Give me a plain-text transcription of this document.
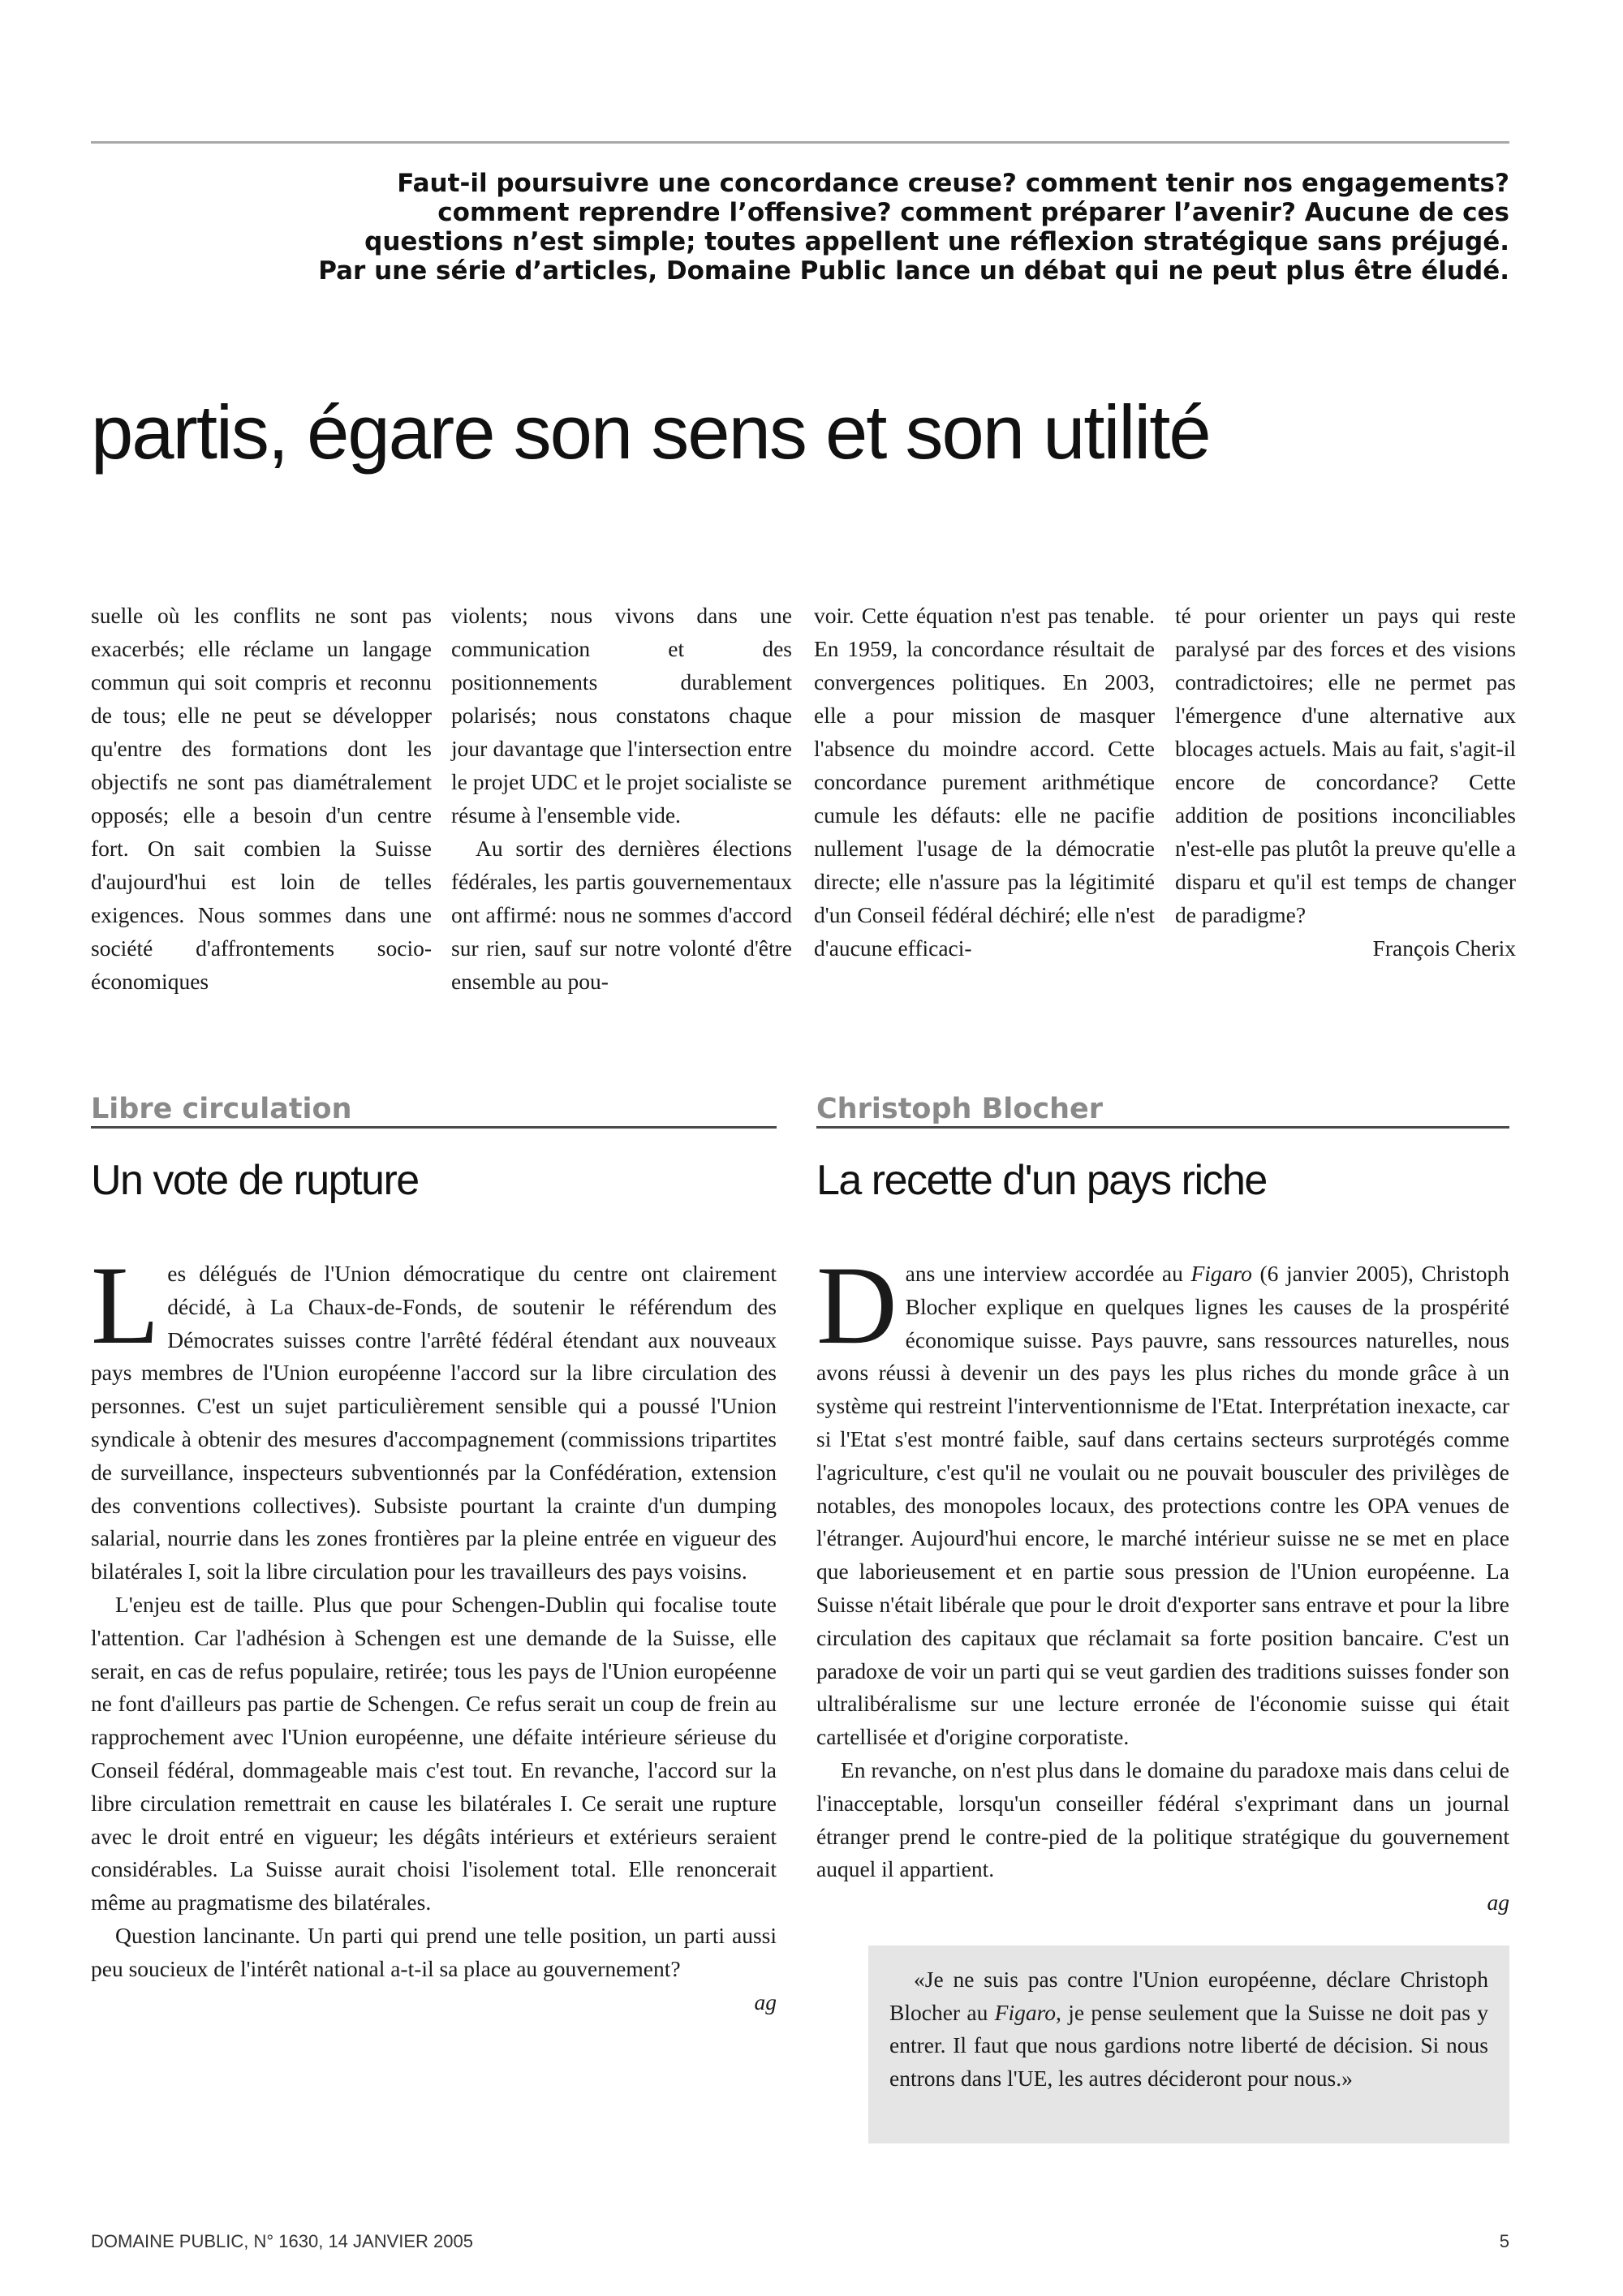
Faut-il poursuivre une concordance creuse? comment tenir nos engagements?
comment reprendre l’offensive? comment préparer l’avenir? Aucune de ces
questions n’est simple; toutes appellent une réflexion stratégique sans préjugé.
Par une série d’articles, Domaine Public lance un débat qui ne peut plus être éludé.
partis, égare son sens et son utilité

suelle où les conflits ne sont pas exacerbés; elle réclame un langage commun qui soit compris et reconnu de tous; elle ne peut se développer qu'entre des formations dont les objectifs ne sont pas diamétralement opposés; elle a besoin d'un centre fort. On sait combien la Suisse d'aujourd'hui est loin de telles exigences. Nous sommes dans une société d'affrontements socio-économiques

violents; nous vivons dans une communication et des positionnements durablement polarisés; nous constatons chaque jour davantage que l'intersection entre le projet UDC et le projet socialiste se résume à l'ensemble vide.

Au sortir des dernières élections fédérales, les partis gouvernementaux ont affirmé: nous ne sommes d'accord sur rien, sauf sur notre volonté d'être ensemble au pou-

voir. Cette équation n'est pas tenable. En 1959, la concordance résultait de convergences politiques. En 2003, elle a pour mission de masquer l'absence du moindre accord. Cette concordance purement arithmétique cumule les défauts: elle ne pacifie nullement l'usage de la démocratie directe; elle n'assure pas la légitimité d'un Conseil fédéral déchiré; elle n'est d'aucune efficaci-

té pour orienter un pays qui reste paralysé par des forces et des visions contradictoires; elle ne permet pas l'émergence d'une alternative aux blocages actuels. Mais au fait, s'agit-il encore de concordance? Cette addition de positions inconciliables n'est-elle pas plutôt la preuve qu'elle a disparu et qu'il est temps de changer de paradigme?

François Cherix
Libre circulation
Un vote de rupture

Les délégués de l'Union démocratique du centre ont clairement décidé, à La Chaux-de-Fonds, de soutenir le référendum des Démocrates suisses contre l'arrêté fédéral étendant aux nouveaux pays membres de l'Union européenne l'accord sur la libre circulation des personnes. C'est un sujet particulièrement sensible qui a poussé l'Union syndicale à obtenir des mesures d'accompagnement (commissions tripartites de surveillance, inspecteurs subventionnés par la Confédération, extension des conventions collectives). Subsiste pourtant la crainte d'un dumping salarial, nourrie dans les zones frontières par la pleine entrée en vigueur des bilatérales I, soit la libre circulation pour les travailleurs des pays voisins.

L'enjeu est de taille. Plus que pour Schengen-Dublin qui focalise toute l'attention. Car l'adhésion à Schengen est une demande de la Suisse, elle serait, en cas de refus populaire, retirée; tous les pays de l'Union européenne ne font d'ailleurs pas partie de Schengen. Ce refus serait un coup de frein au rapprochement avec l'Union européenne, une défaite intérieure sérieuse du Conseil fédéral, dommageable mais c'est tout. En revanche, l'accord sur la libre circulation remettrait en cause les bilatérales I. Ce serait une rupture avec le droit entré en vigueur; les dégâts intérieurs et extérieurs seraient considérables. La Suisse aurait choisi l'isolement total. Elle renoncerait même au pragmatisme des bilatérales.

Question lancinante. Un parti qui prend une telle position, un parti aussi peu soucieux de l'intérêt national a-t-il sa place au gouvernement?

ag
Christoph Blocher
La recette d'un pays riche

Dans une interview accordée au Figaro (6 janvier 2005), Christoph Blocher explique en quelques lignes les causes de la prospérité économique suisse. Pays pauvre, sans ressources naturelles, nous avons réussi à devenir un des pays les plus riches du monde grâce à un système qui restreint l'interventionnisme de l'Etat. Interprétation inexacte, car si l'Etat s'est montré faible, sauf dans certains secteurs surprotégés comme l'agriculture, c'est qu'il ne voulait ou ne pouvait bousculer des privilèges de notables, des monopoles locaux, des protections contre les OPA venues de l'étranger. Aujourd'hui encore, le marché intérieur suisse ne se met en place que laborieusement et en partie sous pression de l'Union européenne. La Suisse n'était libérale que pour le droit d'exporter sans entrave et pour la libre circulation des capitaux que réclamait sa forte position bancaire. C'est un paradoxe de voir un parti qui se veut gardien des traditions suisses fonder son ultralibéralisme sur une lecture erronée de l'économie suisse qui était cartellisée et d'origine corporatiste.

En revanche, on n'est plus dans le domaine du paradoxe mais dans celui de l'inacceptable, lorsqu'un conseiller fédéral s'exprimant dans un journal étranger prend le contre-pied de la politique stratégique du gouvernement auquel il appartient.

ag

«Je ne suis pas contre l'Union européenne, déclare Christoph Blocher au Figaro, je pense seulement que la Suisse ne doit pas y entrer. Il faut que nous gardions notre liberté de décision. Si nous entrons dans l'UE, les autres décideront pour nous.»

DOMAINE PUBLIC, N° 1630, 14 JANVIER 2005	5
